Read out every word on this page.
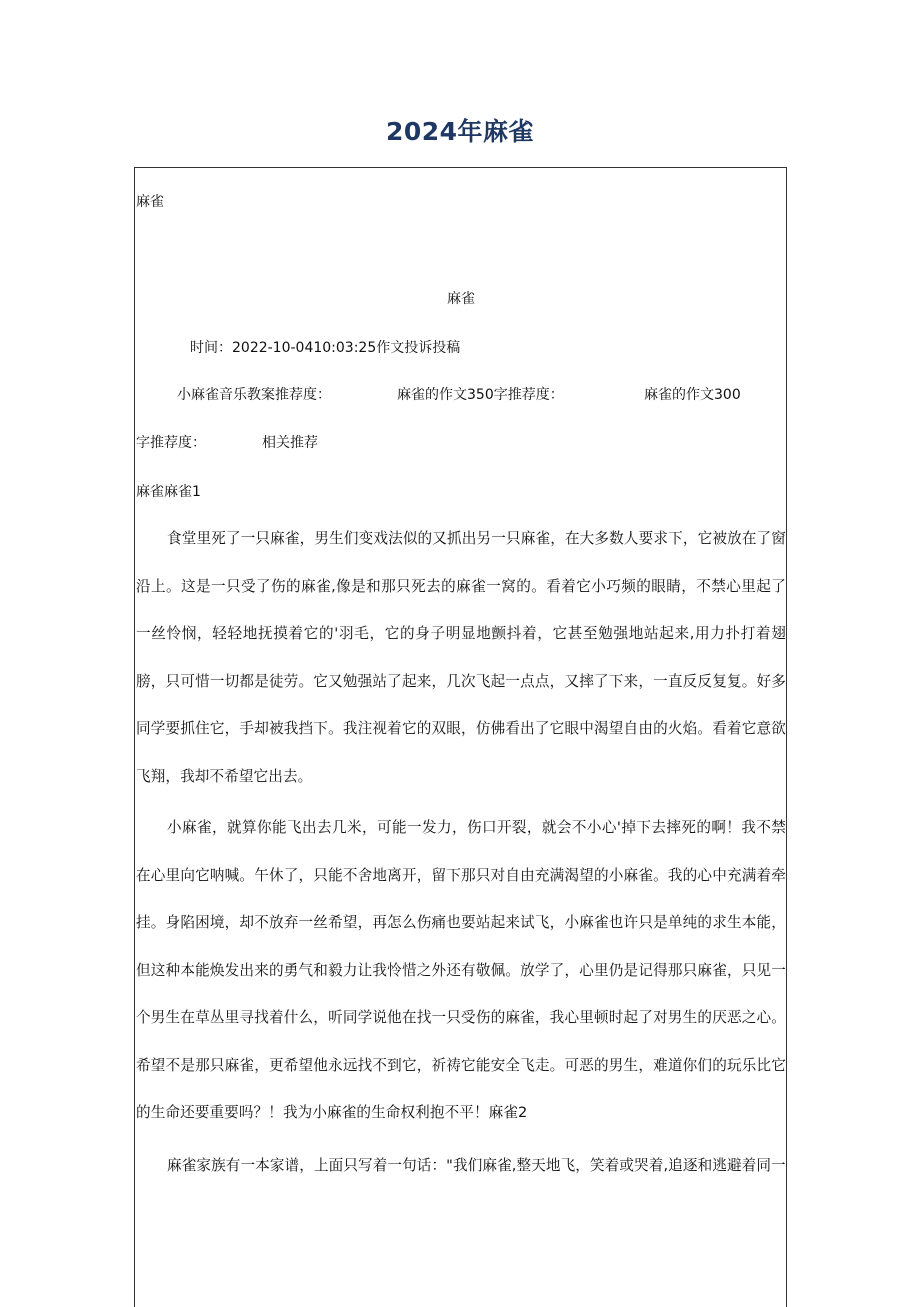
2024年麻雀
麻雀
麻雀
时间：2022-10-0410:03:25作文投诉投稿
小麻雀音乐教案推荐度：	麻雀的作文350字推荐度：	麻雀的作文300
字推荐度：	相关推荐
麻雀麻雀1
食堂里死了一只麻雀，男生们变戏法似的又抓出另一只麻雀，在大多数人要求下，它被放在了窗沿上。这是一只受了伤的麻雀,像是和那只死去的麻雀一窝的。看着它小巧频的眼睛，不禁心里起了一丝怜悯，轻轻地抚摸着它的'羽毛，它的身子明显地颤抖着，它甚至勉强地站起来,用力扑打着翅膀，只可惜一切都是徒劳。它又勉强站了起来，几次飞起一点点，又摔了下来，一直反反复复。好多同学要抓住它，手却被我挡下。我注视着它的双眼，仿佛看出了它眼中渴望自由的火焰。看着它意欲飞翔，我却不希望它出去。
小麻雀，就算你能飞出去几米，可能一发力，伤口开裂，就会不小心'掉下去摔死的啊！我不禁在心里向它呐喊。午休了，只能不舍地离开，留下那只对自由充满渴望的小麻雀。我的心中充满着牵挂。身陷困境，却不放弃一丝希望，再怎么伤痛也要站起来试飞，小麻雀也许只是单纯的求生本能，但这种本能焕发出来的勇气和毅力让我怜惜之外还有敬佩。放学了，心里仍是记得那只麻雀，只见一个男生在草丛里寻找着什么，听同学说他在找一只受伤的麻雀，我心里顿时起了对男生的厌恶之心。希望不是那只麻雀，更希望他永远找不到它，祈祷它能安全飞走。可恶的男生，难道你们的玩乐比它的生命还要重要吗？！我为小麻雀的生命权利抱不平！麻雀2
麻雀家族有一本家谱，上面只写着一句话："我们麻雀,整天地飞，笑着或哭着,追逐和逃避着同一
